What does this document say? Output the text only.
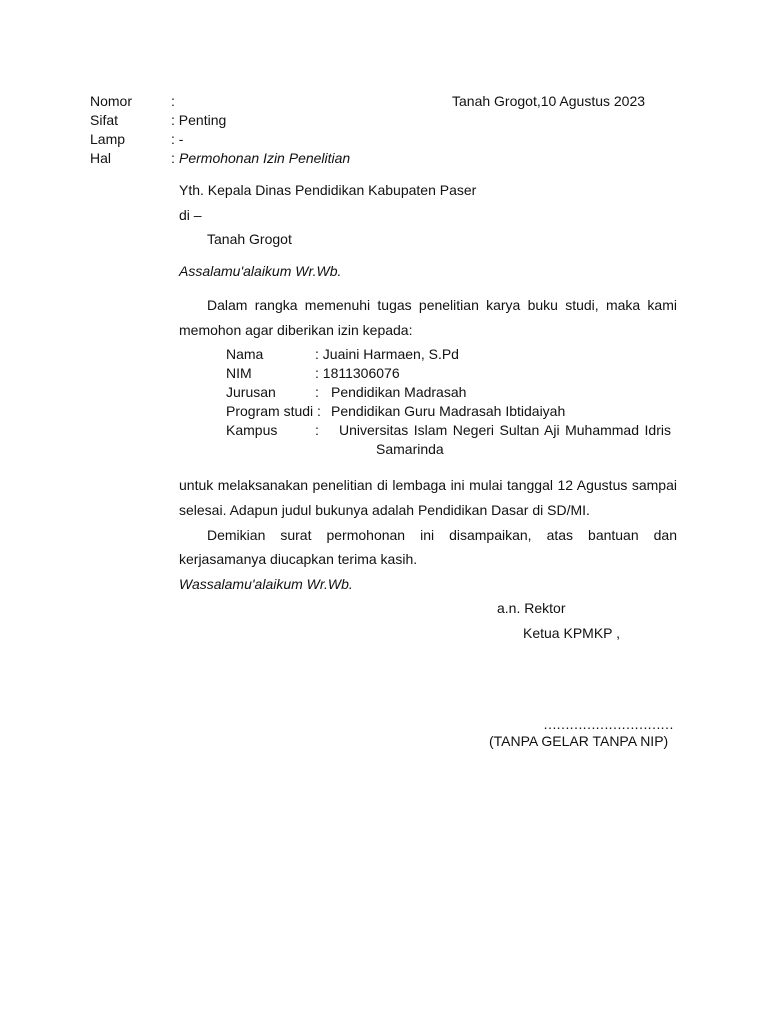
Nomor	:	Tanah Grogot,10 Agustus 2023
Sifat	: Penting
Lamp	: -
Hal	: Permohonan Izin Penelitian
Yth. Kepala Dinas Pendidikan Kabupaten Paser
di –
Tanah Grogot
Assalamu'alaikum Wr.Wb.
Dalam rangka memenuhi tugas penelitian karya buku studi, maka kami
memohon agar diberikan izin kepada:
Nama	: Juaini Harmaen, S.Pd
NIM	: 1811306076
Jurusan	: Pendidikan Madrasah
Program studi : Pendidikan Guru Madrasah Ibtidaiyah
Kampus	: Universitas Islam Negeri Sultan Aji Muhammad Idris
Samarinda
untuk melaksanakan penelitian di lembaga ini mulai tanggal 12 Agustus sampai
selesai. Adapun judul bukunya adalah Pendidikan Dasar di SD/MI.
Demikian surat permohonan ini disampaikan, atas bantuan dan
kerjasamanya diucapkan terima kasih.
Wassalamu'alaikum Wr.Wb.
a.n. Rektor
Ketua KPMKP ,
…………………………
(TANPA GELAR TANPA NIP)
